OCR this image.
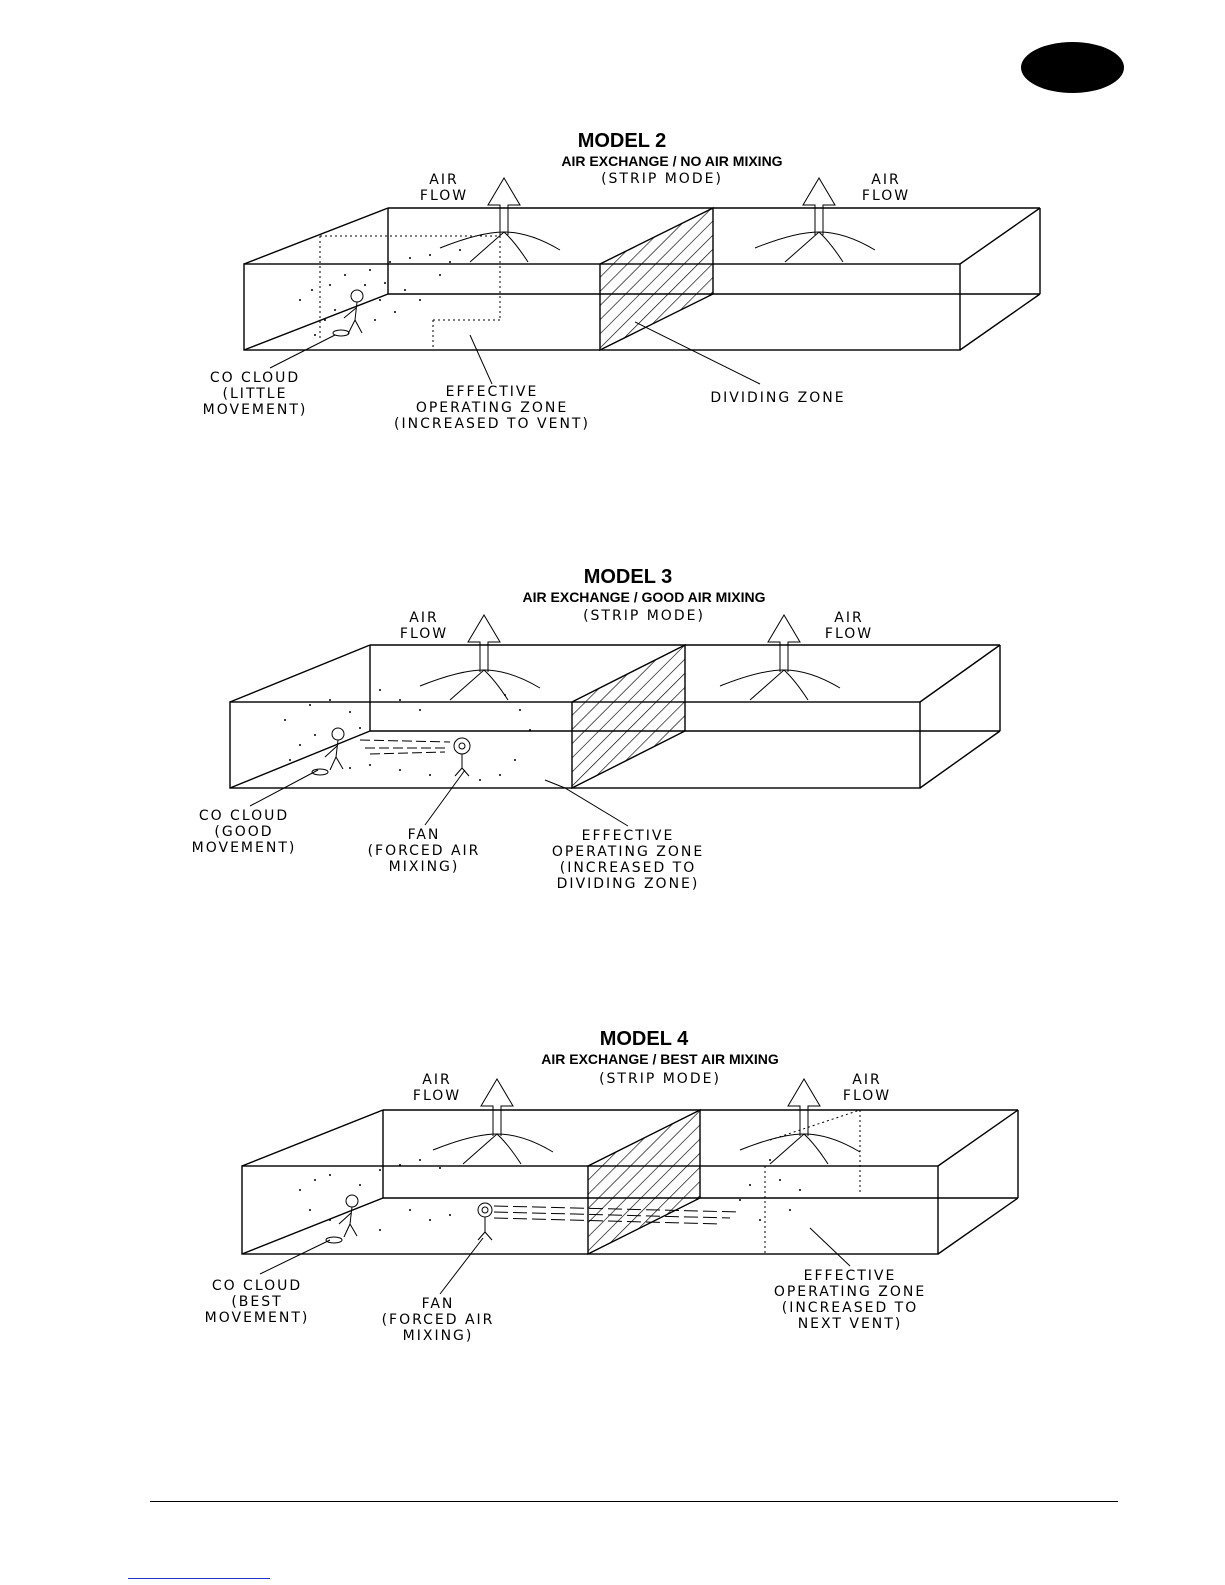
MODEL 2
AIR EXCHANGE / NO AIR MIXING
(STRIP MODE)
AIR
FLOW
AIR
FLOW
CO CLOUD
(LITTLE
MOVEMENT)
EFFECTIVE
OPERATING ZONE
(INCREASED TO VENT)
DIVIDING ZONE
MODEL 3
AIR EXCHANGE / GOOD AIR MIXING
(STRIP MODE)
AIR
FLOW
AIR
FLOW
CO CLOUD
(GOOD
MOVEMENT)
FAN
(FORCED AIR
MIXING)
EFFECTIVE
OPERATING ZONE
(INCREASED TO
DIVIDING ZONE)
MODEL 4
AIR EXCHANGE / BEST AIR MIXING
(STRIP MODE)
AIR
FLOW
AIR
FLOW
CO CLOUD
(BEST
MOVEMENT)
FAN
(FORCED AIR
MIXING)
EFFECTIVE
OPERATING ZONE
(INCREASED TO
NEXT VENT)
